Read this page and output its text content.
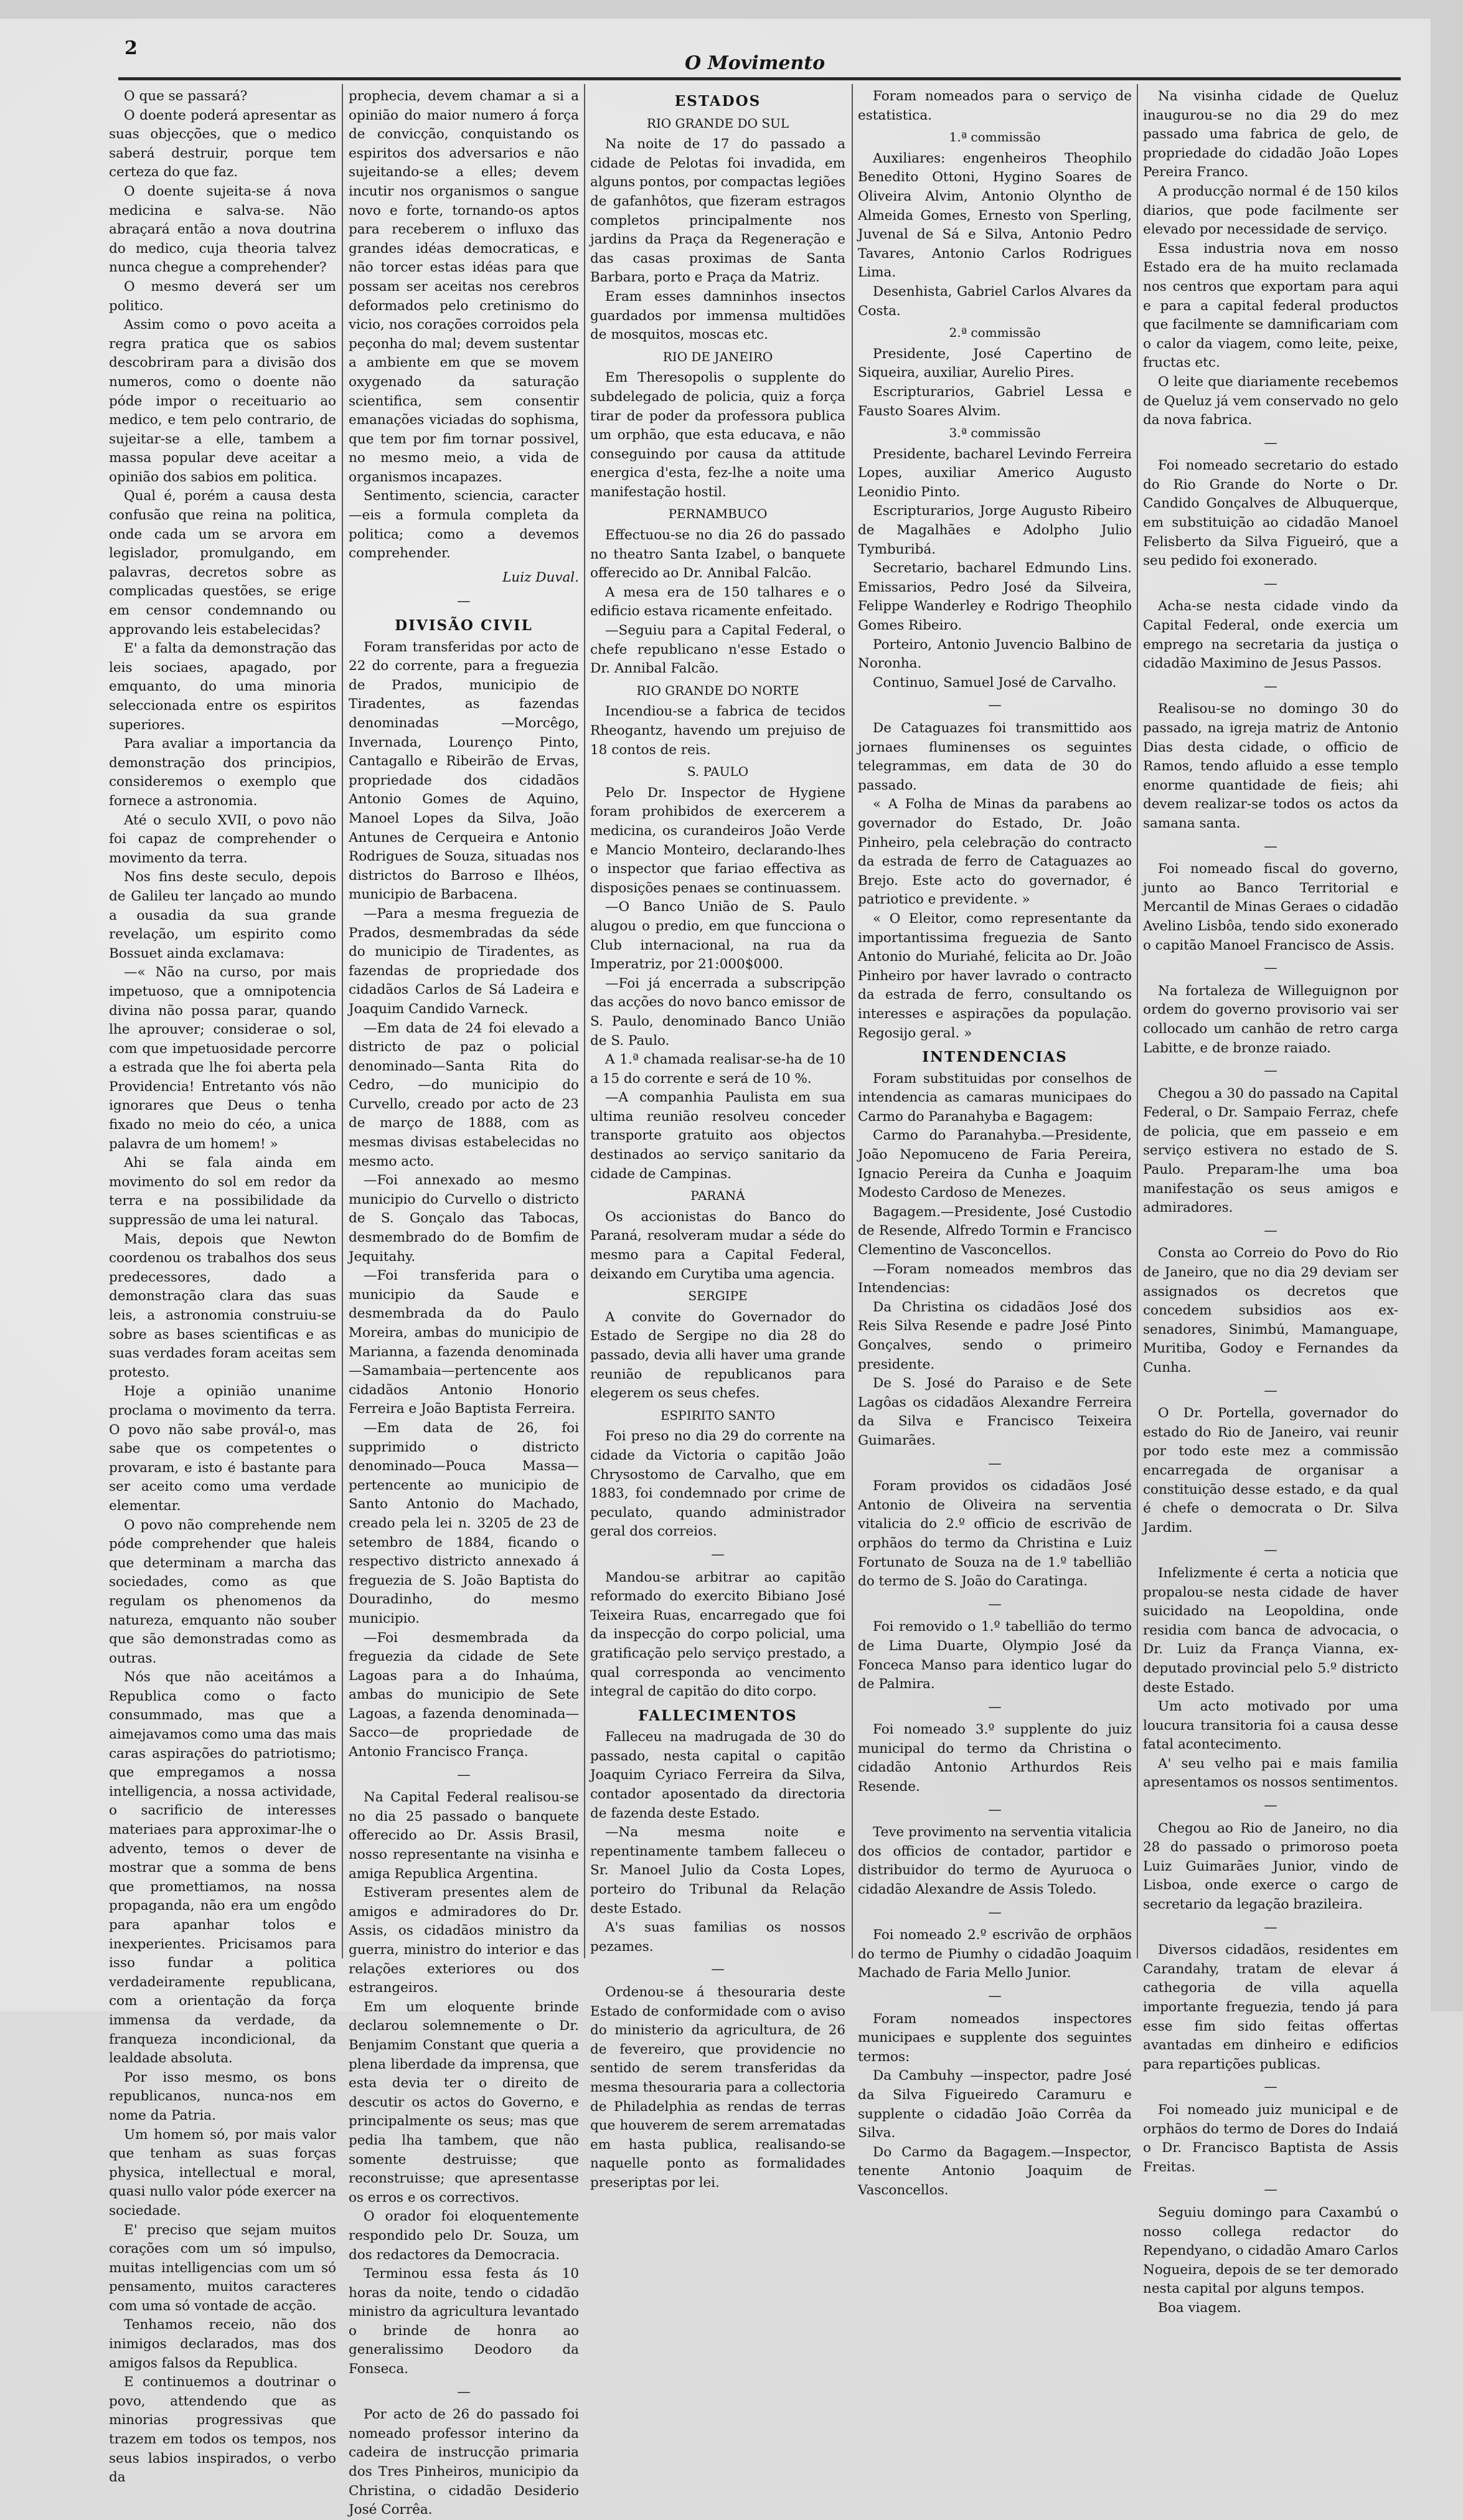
2
O Movimento

O que se passará?

O doente poderá apresentar as suas objecções, que o medico saberá destruir, porque tem certeza do que faz.

O doente sujeita-se á nova medicina e salva-se. Não abraçará então a nova doutrina do medico, cuja theoria talvez nunca chegue a comprehender?

O mesmo deverá ser um politico.

Assim como o povo aceita a regra pratica que os sabios descobriram para a divisão dos numeros, como o doente não póde impor o receituario ao medico, e tem pelo contrario, de sujeitar-se a elle, tambem a massa popular deve aceitar a opinião dos sabios em politica.

Qual é, porém a causa desta confusão que reina na politica, onde cada um se arvora em legislador, promulgando, em palavras, decretos sobre as complicadas questões, se erige em censor condemnando ou approvando leis estabelecidas?

E' a falta da demonstração das leis sociaes, apagado, por emquanto, do uma minoria seleccionada entre os espiritos superiores.

Para avaliar a importancia da demonstração dos principios, consideremos o exemplo que fornece a astronomia.

Até o seculo XVII, o povo não foi capaz de comprehender o movimento da terra.

Nos fins deste seculo, depois de Galileu ter lançado ao mundo a ousadia da sua grande revelação, um espirito como Bossuet ainda exclamava:

—« Não na curso, por mais impetuoso, que a omnipotencia divina não possa parar, quando lhe aprouver; considerae o sol, com que impetuosidade percorre a estrada que lhe foi aberta pela Providencia! Entretanto vós não ignorares que Deus o tenha fixado no meio do céo, a unica palavra de um homem! »

Ahi se fala ainda em movimento do sol em redor da terra e na possibilidade da suppressão de uma lei natural.

Mais, depois que Newton coordenou os trabalhos dos seus predecessores, dado a demonstração clara das suas leis, a astronomia construiu-se sobre as bases scientificas e as suas verdades foram aceitas sem protesto.

Hoje a opinião unanime proclama o movimento da terra. O povo não sabe provál-o, mas sabe que os competentes o provaram, e isto é bastante para ser aceito como uma verdade elementar.

O povo não comprehende nem póde comprehender que haleis que determinam a marcha das sociedades, como as que regulam os phenomenos da natureza, emquanto não souber que são demonstradas como as outras.

Nós que não aceitámos a Republica como o facto consummado, mas que a aimejavamos como uma das mais caras aspirações do patriotismo; que empregamos a nossa intelligencia, a nossa actividade, o sacrificio de interesses materiaes para approximar-lhe o advento, temos o dever de mostrar que a somma de bens que promettiamos, na nossa propaganda, não era um engôdo para apanhar tolos e inexperientes. Pricisamos para isso fundar a politica verdadeiramente republicana, com a orientação da força immensa da verdade, da franqueza incondicional, da lealdade absoluta.

Por isso mesmo, os bons republicanos, nunca-nos em nome da Patria.

Um homem só, por mais valor que tenham as suas forças physica, intellectual e moral, quasi nullo valor póde exercer na sociedade.

E' preciso que sejam muitos corações com um só impulso, muitas intelligencias com um só pensamento, muitos caracteres com uma só vontade de acção.

Tenhamos receio, não dos inimigos declarados, mas dos amigos falsos da Republica.

E continuemos a doutrinar o povo, attendendo que as minorias progressivas que trazem em todos os tempos, nos seus labios inspirados, o verbo da

prophecia, devem chamar a si a opinião do maior numero á força de convicção, conquistando os espiritos dos adversarios e não sujeitando-se a elles; devem incutir nos organismos o sangue novo e forte, tornando-os aptos para receberem o influxo das grandes idéas democraticas, e não torcer estas idéas para que possam ser aceitas nos cerebros deformados pelo cretinismo do vicio, nos corações corroidos pela peçonha do mal; devem sustentar a ambiente em que se movem oxygenado da saturação scientifica, sem consentir emanações viciadas do sophisma, que tem por fim tornar possivel, no mesmo meio, a vida de organismos incapazes.

Sentimento, sciencia, caracter—eis a formula completa da politica; como a devemos comprehender.

Luiz Duval.

—

DIVISÃO CIVIL

Foram transferidas por acto de 22 do corrente, para a freguezia de Prados, municipio de Tiradentes, as fazendas denominadas —Morcêgo, Invernada, Lourenço Pinto, Cantagallo e Ribeirão de Ervas, propriedade dos cidadãos Antonio Gomes de Aquino, Manoel Lopes da Silva, João Antunes de Cerqueira e Antonio Rodrigues de Souza, situadas nos districtos do Barroso e Ilhéos, municipio de Barbacena.

—Para a mesma freguezia de Prados, desmembradas da séde do municipio de Tiradentes, as fazendas de propriedade dos cidadãos Carlos de Sá Ladeira e Joaquim Candido Varneck.

—Em data de 24 foi elevado a districto de paz o policial denominado—Santa Rita do Cedro, —do municipio do Curvello, creado por acto de 23 de março de 1888, com as mesmas divisas estabelecidas no mesmo acto.

—Foi annexado ao mesmo municipio do Curvello o districto de S. Gonçalo das Tabocas, desmembrado do de Bomfim de Jequitahy.

—Foi transferida para o municipio da Saude e desmembrada da do Paulo Moreira, ambas do municipio de Marianna, a fazenda denominada—Samambaia—pertencente aos cidadãos Antonio Honorio Ferreira e João Baptista Ferreira.

—Em data de 26, foi supprimido o districto denominado—Pouca Massa—pertencente ao municipio de Santo Antonio do Machado, creado pela lei n. 3205 de 23 de setembro de 1884, ficando o respectivo districto annexado á freguezia de S. João Baptista do Douradinho, do mesmo municipio.

—Foi desmembrada da freguezia da cidade de Sete Lagoas para a do Inhaúma, ambas do municipio de Sete Lagoas, a fazenda denominada—Sacco—de propriedade de Antonio Francisco França.

—

Na Capital Federal realisou-se no dia 25 passado o banquete offerecido ao Dr. Assis Brasil, nosso representante na visinha e amiga Republica Argentina.

Estiveram presentes alem de amigos e admiradores do Dr. Assis, os cidadãos ministro da guerra, ministro do interior e das relações exteriores ou dos estrangeiros.

Em um eloquente brinde declarou solemnemente o Dr. Benjamim Constant que queria a plena liberdade da imprensa, que esta devia ter o direito de descutir os actos do Governo, e principalmente os seus; mas que pedia lha tambem, que não somente destruisse; que reconstruisse; que apresentasse os erros e os correctivos.

O orador foi eloquentemente respondido pelo Dr. Souza, um dos redactores da Democracia.

Terminou essa festa ás 10 horas da noite, tendo o cidadão ministro da agricultura levantado o brinde de honra ao generalissimo Deodoro da Fonseca.

—

Por acto de 26 do passado foi nomeado professor interino da cadeira de instrucção primaria dos Tres Pinheiros, municipio da Christina, o cidadão Desiderio José Corrêa.

ESTADOS

RIO GRANDE DO SUL

Na noite de 17 do passado a cidade de Pelotas foi invadida, em alguns pontos, por compactas legiões de gafanhôtos, que fizeram estragos completos principalmente nos jardins da Praça da Regeneração e das casas proximas de Santa Barbara, porto e Praça da Matriz.

Eram esses damninhos insectos guardados por immensa multidões de mosquitos, moscas etc.

RIO DE JANEIRO

Em Theresopolis o supplente do subdelegado de policia, quiz a força tirar de poder da professora publica um orphão, que esta educava, e não conseguindo por causa da attitude energica d'esta, fez-lhe a noite uma manifestação hostil.

PERNAMBUCO

Effectuou-se no dia 26 do passado no theatro Santa Izabel, o banquete offerecido ao Dr. Annibal Falcão.

A mesa era de 150 talhares e o edificio estava ricamente enfeitado.

—Seguiu para a Capital Federal, o chefe republicano n'esse Estado o Dr. Annibal Falcão.

RIO GRANDE DO NORTE

Incendiou-se a fabrica de tecidos Rheogantz, havendo um prejuiso de 18 contos de reis.

S. PAULO

Pelo Dr. Inspector de Hygiene foram prohibidos de exercerem a medicina, os curandeiros João Verde e Mancio Monteiro, declarando-lhes o inspector que fariao effectiva as disposições penaes se continuassem.

—O Banco União de S. Paulo alugou o predio, em que funcciona o Club internacional, na rua da Imperatriz, por 21:000$000.

—Foi já encerrada a subscripção das acções do novo banco emissor de S. Paulo, denominado Banco União de S. Paulo.

A 1.ª chamada realisar-se-ha de 10 a 15 do corrente e será de 10 %.

—A companhia Paulista em sua ultima reunião resolveu conceder transporte gratuito aos objectos destinados ao serviço sanitario da cidade de Campinas.

PARANÁ

Os accionistas do Banco do Paraná, resolveram mudar a séde do mesmo para a Capital Federal, deixando em Curytiba uma agencia.

SERGIPE

A convite do Governador do Estado de Sergipe no dia 28 do passado, devia alli haver uma grande reunião de republicanos para elegerem os seus chefes.

ESPIRITO SANTO

Foi preso no dia 29 do corrente na cidade da Victoria o capitão João Chrysostomo de Carvalho, que em 1883, foi condemnado por crime de peculato, quando administrador geral dos correios.

—

Mandou-se arbitrar ao capitão reformado do exercito Bibiano José Teixeira Ruas, encarregado que foi da inspecção do corpo policial, uma gratificação pelo serviço prestado, a qual corresponda ao vencimento integral de capitão do dito corpo.

FALLECIMENTOS

Falleceu na madrugada de 30 do passado, nesta capital o capitão Joaquim Cyriaco Ferreira da Silva, contador aposentado da directoria de fazenda deste Estado.

—Na mesma noite e repentinamente tambem falleceu o Sr. Manoel Julio da Costa Lopes, porteiro do Tribunal da Relação deste Estado.

A's suas familias os nossos pezames.

—

Ordenou-se á thesouraria deste Estado de conformidade com o aviso do ministerio da agricultura, de 26 de fevereiro, que providencie no sentido de serem transferidas da mesma thesouraria para a collectoria de Philadelphia as rendas de terras que houverem de serem arrematadas em hasta publica, realisando-se naquelle ponto as formalidades preseriptas por lei.

Foram nomeados para o serviço de estatistica.

1.ª commissão

Auxiliares: engenheiros Theophilo Benedito Ottoni, Hygino Soares de Oliveira Alvim, Antonio Olyntho de Almeida Gomes, Ernesto von Sperling, Juvenal de Sá e Silva, Antonio Pedro Tavares, Antonio Carlos Rodrigues Lima.

Desenhista, Gabriel Carlos Alvares da Costa.

2.ª commissão

Presidente, José Capertino de Siqueira, auxiliar, Aurelio Pires.

Escripturarios, Gabriel Lessa e Fausto Soares Alvim.

3.ª commissão

Presidente, bacharel Levindo Ferreira Lopes, auxiliar Americo Augusto Leonidio Pinto.

Escripturarios, Jorge Augusto Ribeiro de Magalhães e Adolpho Julio Tymburibá.

Secretario, bacharel Edmundo Lins. Emissarios, Pedro José da Silveira, Felippe Wanderley e Rodrigo Theophilo Gomes Ribeiro.

Porteiro, Antonio Juvencio Balbino de Noronha.

Continuo, Samuel José de Carvalho.

—

De Cataguazes foi transmittido aos jornaes fluminenses os seguintes telegrammas, em data de 30 do passado.

« A Folha de Minas da parabens ao governador do Estado, Dr. João Pinheiro, pela celebração do contracto da estrada de ferro de Cataguazes ao Brejo. Este acto do governador, é patriotico e previdente. »

« O Eleitor, como representante da importantissima freguezia de Santo Antonio do Muriahé, felicita ao Dr. João Pinheiro por haver lavrado o contracto da estrada de ferro, consultando os interesses e aspirações da população. Regosijo geral. »

INTENDENCIAS

Foram substituidas por conselhos de intendencia as camaras municipaes do Carmo do Paranahyba e Bagagem:

Carmo do Paranahyba.—Presidente, João Nepomuceno de Faria Pereira, Ignacio Pereira da Cunha e Joaquim Modesto Cardoso de Menezes.

Bagagem.—Presidente, José Custodio de Resende, Alfredo Tormin e Francisco Clementino de Vasconcellos.

—Foram nomeados membros das Intendencias:

Da Christina os cidadãos José dos Reis Silva Resende e padre José Pinto Gonçalves, sendo o primeiro presidente.

De S. José do Paraiso e de Sete Lagôas os cidadãos Alexandre Ferreira da Silva e Francisco Teixeira Guimarães.

—

Foram providos os cidadãos José Antonio de Oliveira na serventia vitalicia do 2.º officio de escrivão de orphãos do termo da Christina e Luiz Fortunato de Souza na de 1.º tabellião do termo de S. João do Caratinga.

—

Foi removido o 1.º tabellião do termo de Lima Duarte, Olympio José da Fonceca Manso para identico lugar do de Palmira.

—

Foi nomeado 3.º supplente do juiz municipal do termo da Christina o cidadão Antonio Arthurdos Reis Resende.

—

Teve provimento na serventia vitalicia dos officios de contador, partidor e distribuidor do termo de Ayuruoca o cidadão Alexandre de Assis Toledo.

—

Foi nomeado 2.º escrivão de orphãos do termo de Piumhy o cidadão Joaquim Machado de Faria Mello Junior.

—

Foram nomeados inspectores municipaes e supplente dos seguintes termos:

Da Cambuhy —inspector, padre José da Silva Figueiredo Caramuru e supplente o cidadão João Corrêa da Silva.

Do Carmo da Bagagem.—Inspector, tenente Antonio Joaquim de Vasconcellos.

Na visinha cidade de Queluz inaugurou-se no dia 29 do mez passado uma fabrica de gelo, de propriedade do cidadão João Lopes Pereira Franco.

A producção normal é de 150 kilos diarios, que pode facilmente ser elevado por necessidade de serviço.

Essa industria nova em nosso Estado era de ha muito reclamada nos centros que exportam para aqui e para a capital federal productos que facilmente se damnificariam com o calor da viagem, como leite, peixe, fructas etc.

O leite que diariamente recebemos de Queluz já vem conservado no gelo da nova fabrica.

—

Foi nomeado secretario do estado do Rio Grande do Norte o Dr. Candido Gonçalves de Albuquerque, em substituição ao cidadão Manoel Felisberto da Silva Figueiró, que a seu pedido foi exonerado.

—

Acha-se nesta cidade vindo da Capital Federal, onde exercia um emprego na secretaria da justiça o cidadão Maximino de Jesus Passos.

—

Realisou-se no domingo 30 do passado, na igreja matriz de Antonio Dias desta cidade, o officio de Ramos, tendo afluido a esse templo enorme quantidade de fieis; ahi devem realizar-se todos os actos da samana santa.

—

Foi nomeado fiscal do governo, junto ao Banco Territorial e Mercantil de Minas Geraes o cidadão Avelino Lisbôa, tendo sido exonerado o capitão Manoel Francisco de Assis.

—

Na fortaleza de Willeguignon por ordem do governo provisorio vai ser collocado um canhão de retro carga Labitte, e de bronze raiado.

—

Chegou a 30 do passado na Capital Federal, o Dr. Sampaio Ferraz, chefe de policia, que em passeio e em serviço estivera no estado de S. Paulo. Preparam-lhe uma boa manifestação os seus amigos e admiradores.

—

Consta ao Correio do Povo do Rio de Janeiro, que no dia 29 deviam ser assignados os decretos que concedem subsidios aos ex-senadores, Sinimbú, Mamanguape, Muritiba, Godoy e Fernandes da Cunha.

—

O Dr. Portella, governador do estado do Rio de Janeiro, vai reunir por todo este mez a commissão encarregada de organisar a constituição desse estado, e da qual é chefe o democrata o Dr. Silva Jardim.

—

Infelizmente é certa a noticia que propalou-se nesta cidade de haver suicidado na Leopoldina, onde residia com banca de advocacia, o Dr. Luiz da França Vianna, ex-deputado provincial pelo 5.º districto deste Estado.

Um acto motivado por uma loucura transitoria foi a causa desse fatal acontecimento.

A' seu velho pai e mais familia apresentamos os nossos sentimentos.

—

Chegou ao Rio de Janeiro, no dia 28 do passado o primoroso poeta Luiz Guimarães Junior, vindo de Lisboa, onde exerce o cargo de secretario da legação brazileira.

—

Diversos cidadãos, residentes em Carandahy, tratam de elevar á cathegoria de villa aquella importante freguezia, tendo já para esse fim sido feitas offertas avantadas em dinheiro e edificios para repartições publicas.

—

Foi nomeado juiz municipal e de orphãos do termo de Dores do Indaiá o Dr. Francisco Baptista de Assis Freitas.

—

Seguiu domingo para Caxambú o nosso collega redactor do Rependyano, o cidadão Amaro Carlos Nogueira, depois de se ter demorado nesta capital por alguns tempos.

Boa viagem.
